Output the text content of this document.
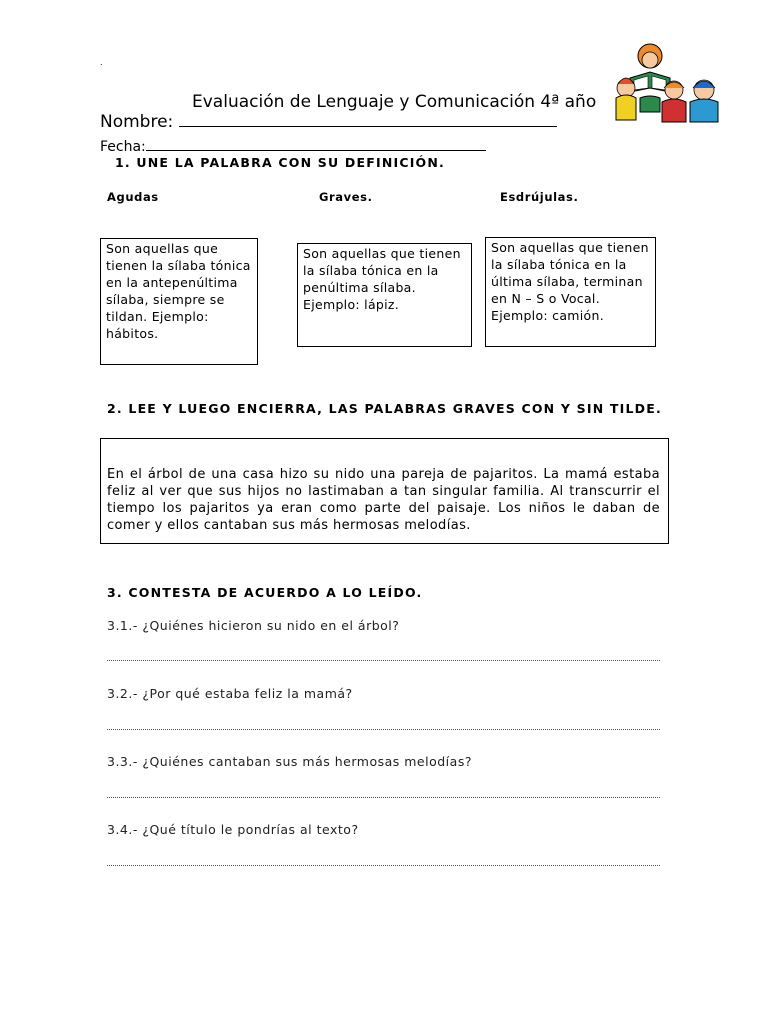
.
Evaluación de Lenguaje y Comunicación 4ª año
Nombre:
Fecha:
1. UNE LA PALABRA CON SU DEFINICIÓN.
Agudas	Graves.	Esdrújulas.
Son aquellas que tienen la sílaba tónica en la antepenúltima sílaba, siempre se tildan. Ejemplo: hábitos.
Son aquellas que tienen la sílaba tónica en la penúltima sílaba. Ejemplo: lápiz.
Son aquellas que tienen la sílaba tónica en la última sílaba, terminan en N – S o Vocal. Ejemplo: camión.
2. LEE Y LUEGO ENCIERRA, LAS PALABRAS GRAVES CON Y SIN TILDE.

En el árbol de una casa hizo su nido una pareja de pajaritos. La mamá estaba feliz al ver que sus hijos no lastimaban a tan singular familia. Al transcurrir el tiempo los pajaritos ya eran como parte del paisaje. Los niños le daban de comer y ellos cantaban sus más hermosas melodías.

3. CONTESTA DE ACUERDO A LO LEÍDO.
3.1.- ¿Quiénes hicieron su nido en el árbol?
3.2.- ¿Por qué estaba feliz la mamá?
3.3.- ¿Quiénes cantaban sus más hermosas melodías?
3.4.- ¿Qué título le pondrías al texto?
